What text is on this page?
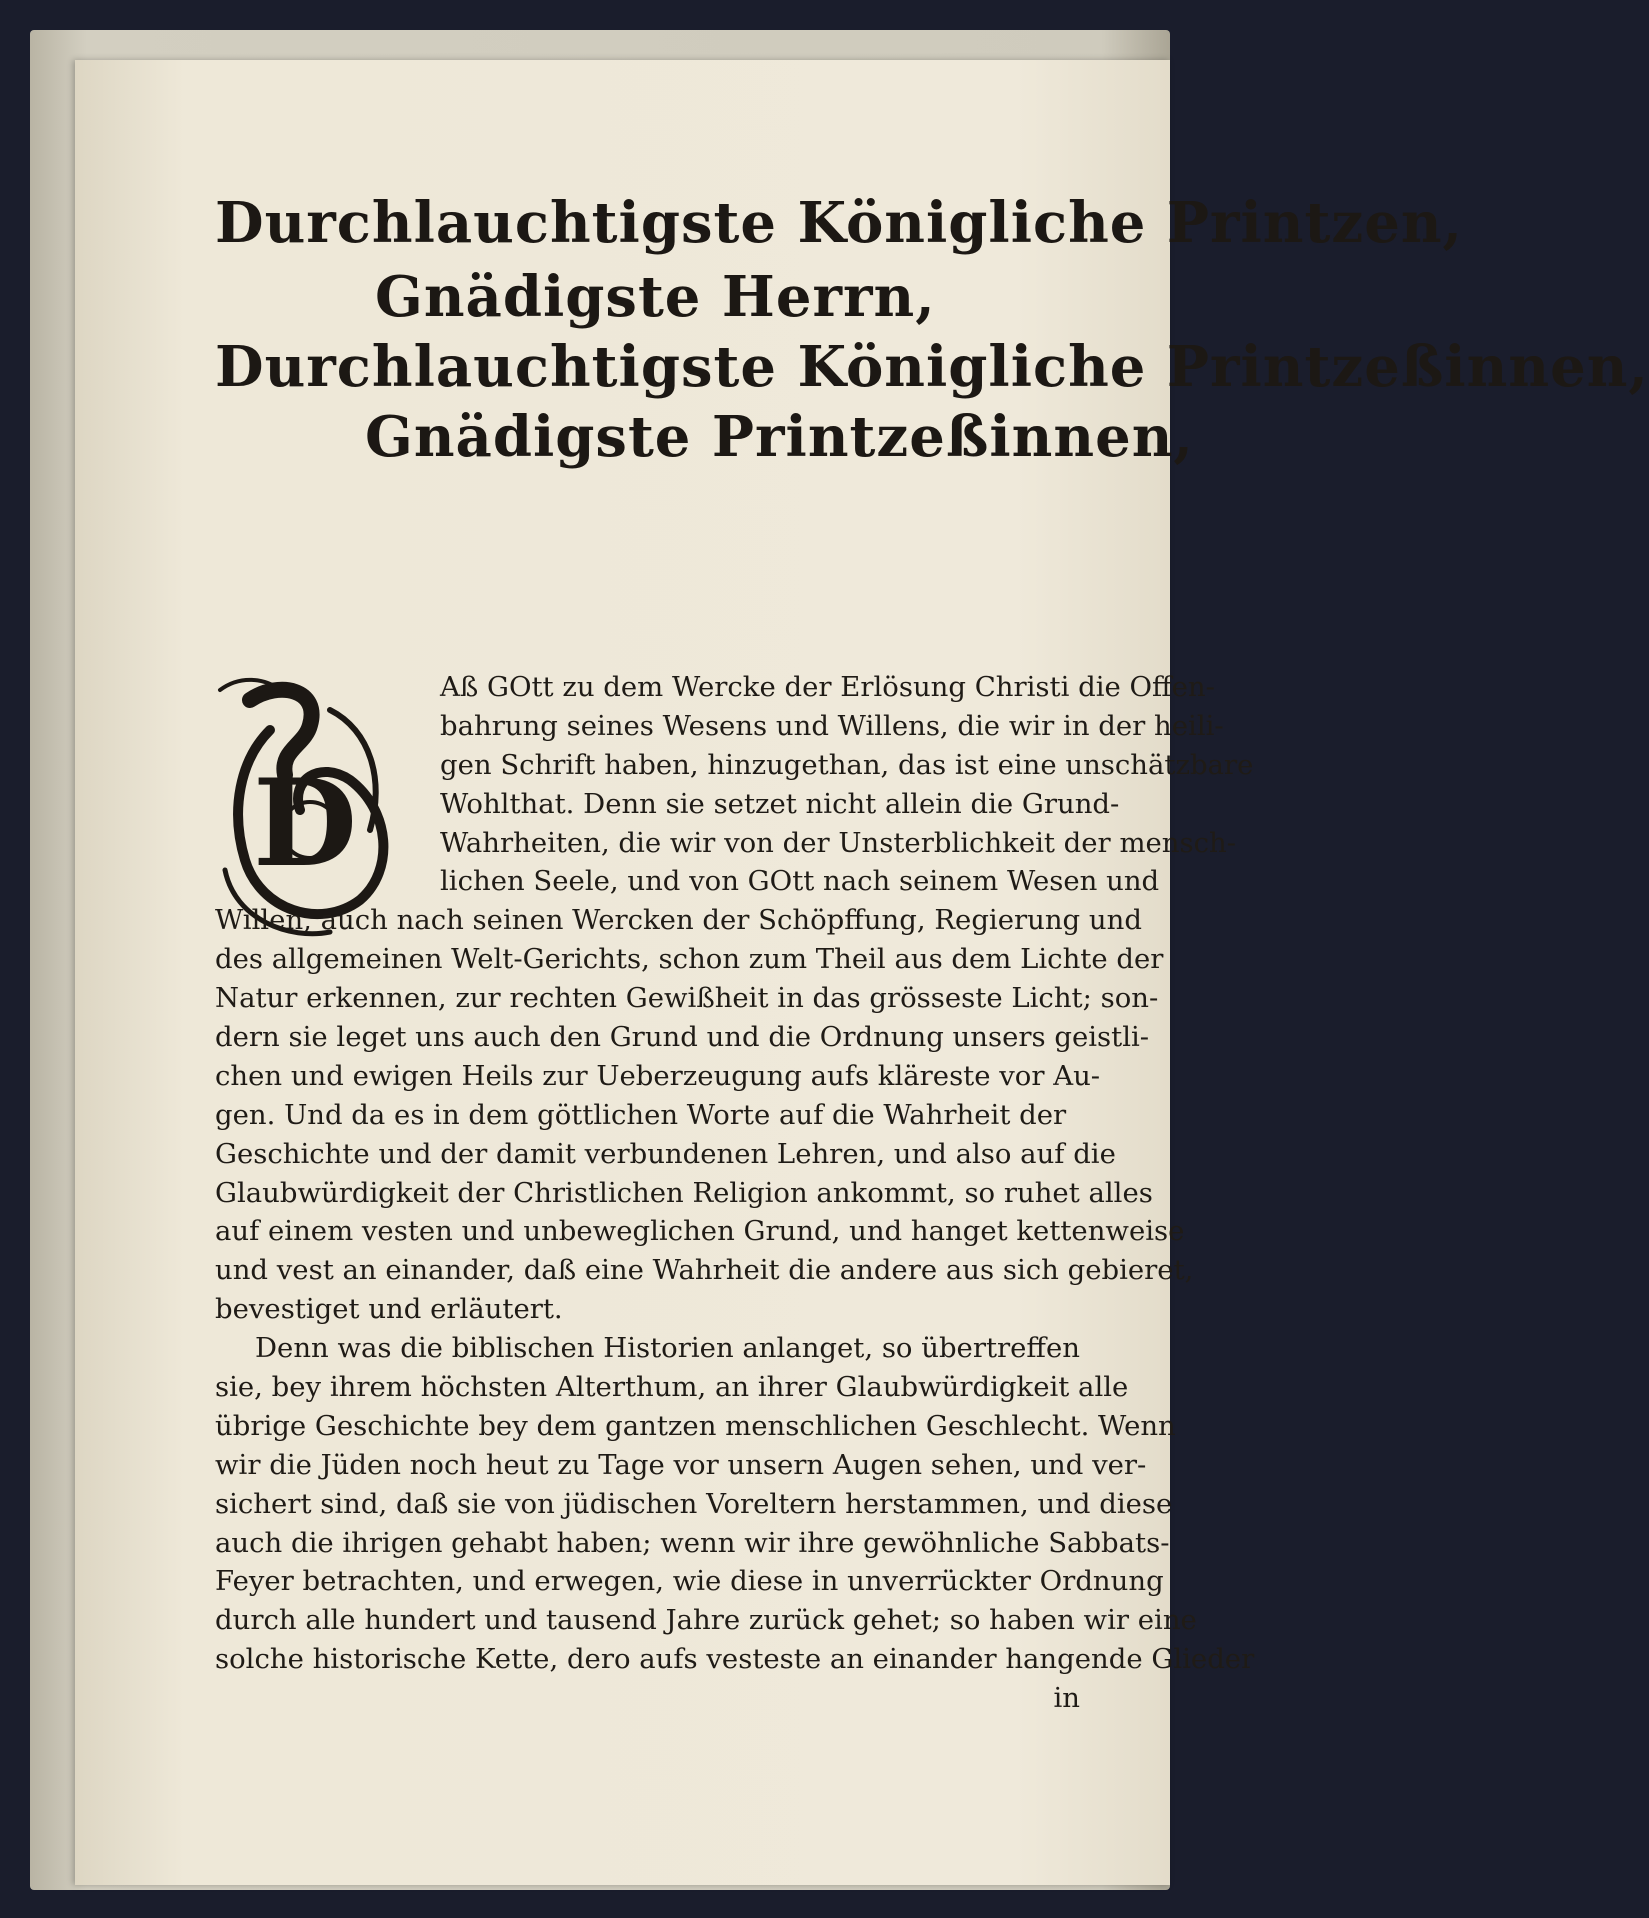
Durchlauchtigste Königliche Printzen,

Gnädigste Herrn,

Durchlauchtigste Königliche Printzeßinnen,

Gnädigste Printzeßinnen,

D
Aß GOtt zu dem Wercke der Erlösung Christi die Offen-
bahrung seines Wesens und Willens, die wir in der heili-
gen Schrift haben, hinzugethan, das ist eine unschätzbare
Wohlthat. Denn sie setzet nicht allein die Grund-
Wahrheiten, die wir von der Unsterblichkeit der mensch-
lichen Seele, und von GOtt nach seinem Wesen und
Willen, auch nach seinen Wercken der Schöpffung, Regierung und
des allgemeinen Welt-Gerichts, schon zum Theil aus dem Lichte der
Natur erkennen, zur rechten Gewißheit in das grösseste Licht; son-
dern sie leget uns auch den Grund und die Ordnung unsers geistli-
chen und ewigen Heils zur Ueberzeugung aufs kläreste vor Au-
gen. Und da es in dem göttlichen Worte auf die Wahrheit der
Geschichte und der damit verbundenen Lehren, und also auf die
Glaubwürdigkeit der Christlichen Religion ankommt, so ruhet alles
auf einem vesten und unbeweglichen Grund, und hanget kettenweise
und vest an einander, daß eine Wahrheit die andere aus sich gebieret,
bevestiget und erläutert.
Denn was die biblischen Historien anlanget, so übertreffen
sie, bey ihrem höchsten Alterthum, an ihrer Glaubwürdigkeit alle
übrige Geschichte bey dem gantzen menschlichen Geschlecht. Wenn
wir die Jüden noch heut zu Tage vor unsern Augen sehen, und ver-
sichert sind, daß sie von jüdischen Voreltern herstammen, und diese
auch die ihrigen gehabt haben; wenn wir ihre gewöhnliche Sabbats-
Feyer betrachten, und erwegen, wie diese in unverrückter Ordnung
durch alle hundert und tausend Jahre zurück gehet; so haben wir eine
solche historische Kette, dero aufs vesteste an einander hangende Glieder
in
